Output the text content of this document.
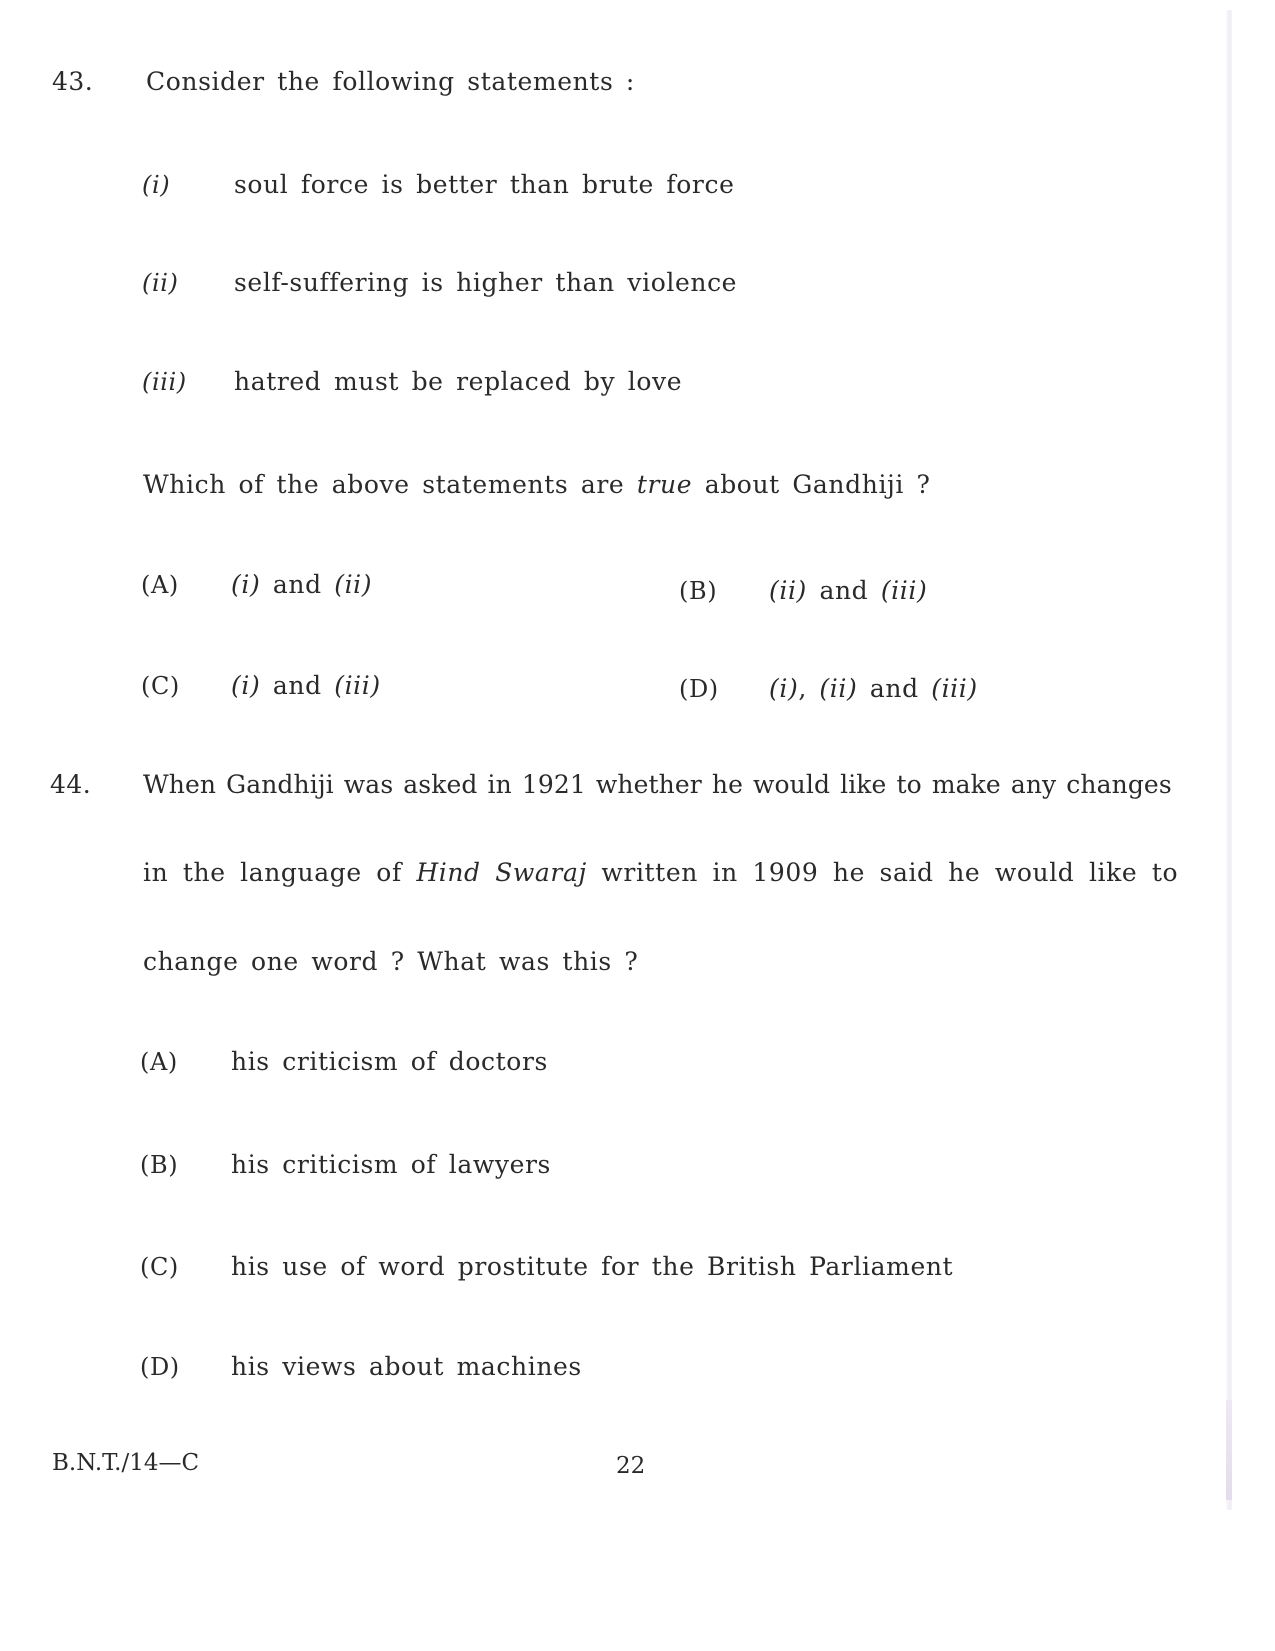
43. Consider the following statements :
(i)	soul force is better than brute force
(ii) self-suffering is higher than violence
(iii) hatred must be replaced by love
Which of the above statements are true about Gandhiji ?
(A) (i) and (ii)	(B) (ii) and (iii)
(C) (i) and (iii)	(D) (i), (ii) and (iii)
44. When Gandhiji was asked in 1921 whether he would like to make any changes
in the language of Hind Swaraj written in 1909 he said he would like to
change one word ? What was this ?
(A) his criticism of doctors
(B) his criticism of lawyers
(C) his use of word prostitute for the British Parliament
(D) his views about machines
B.N.T./14—C	22
